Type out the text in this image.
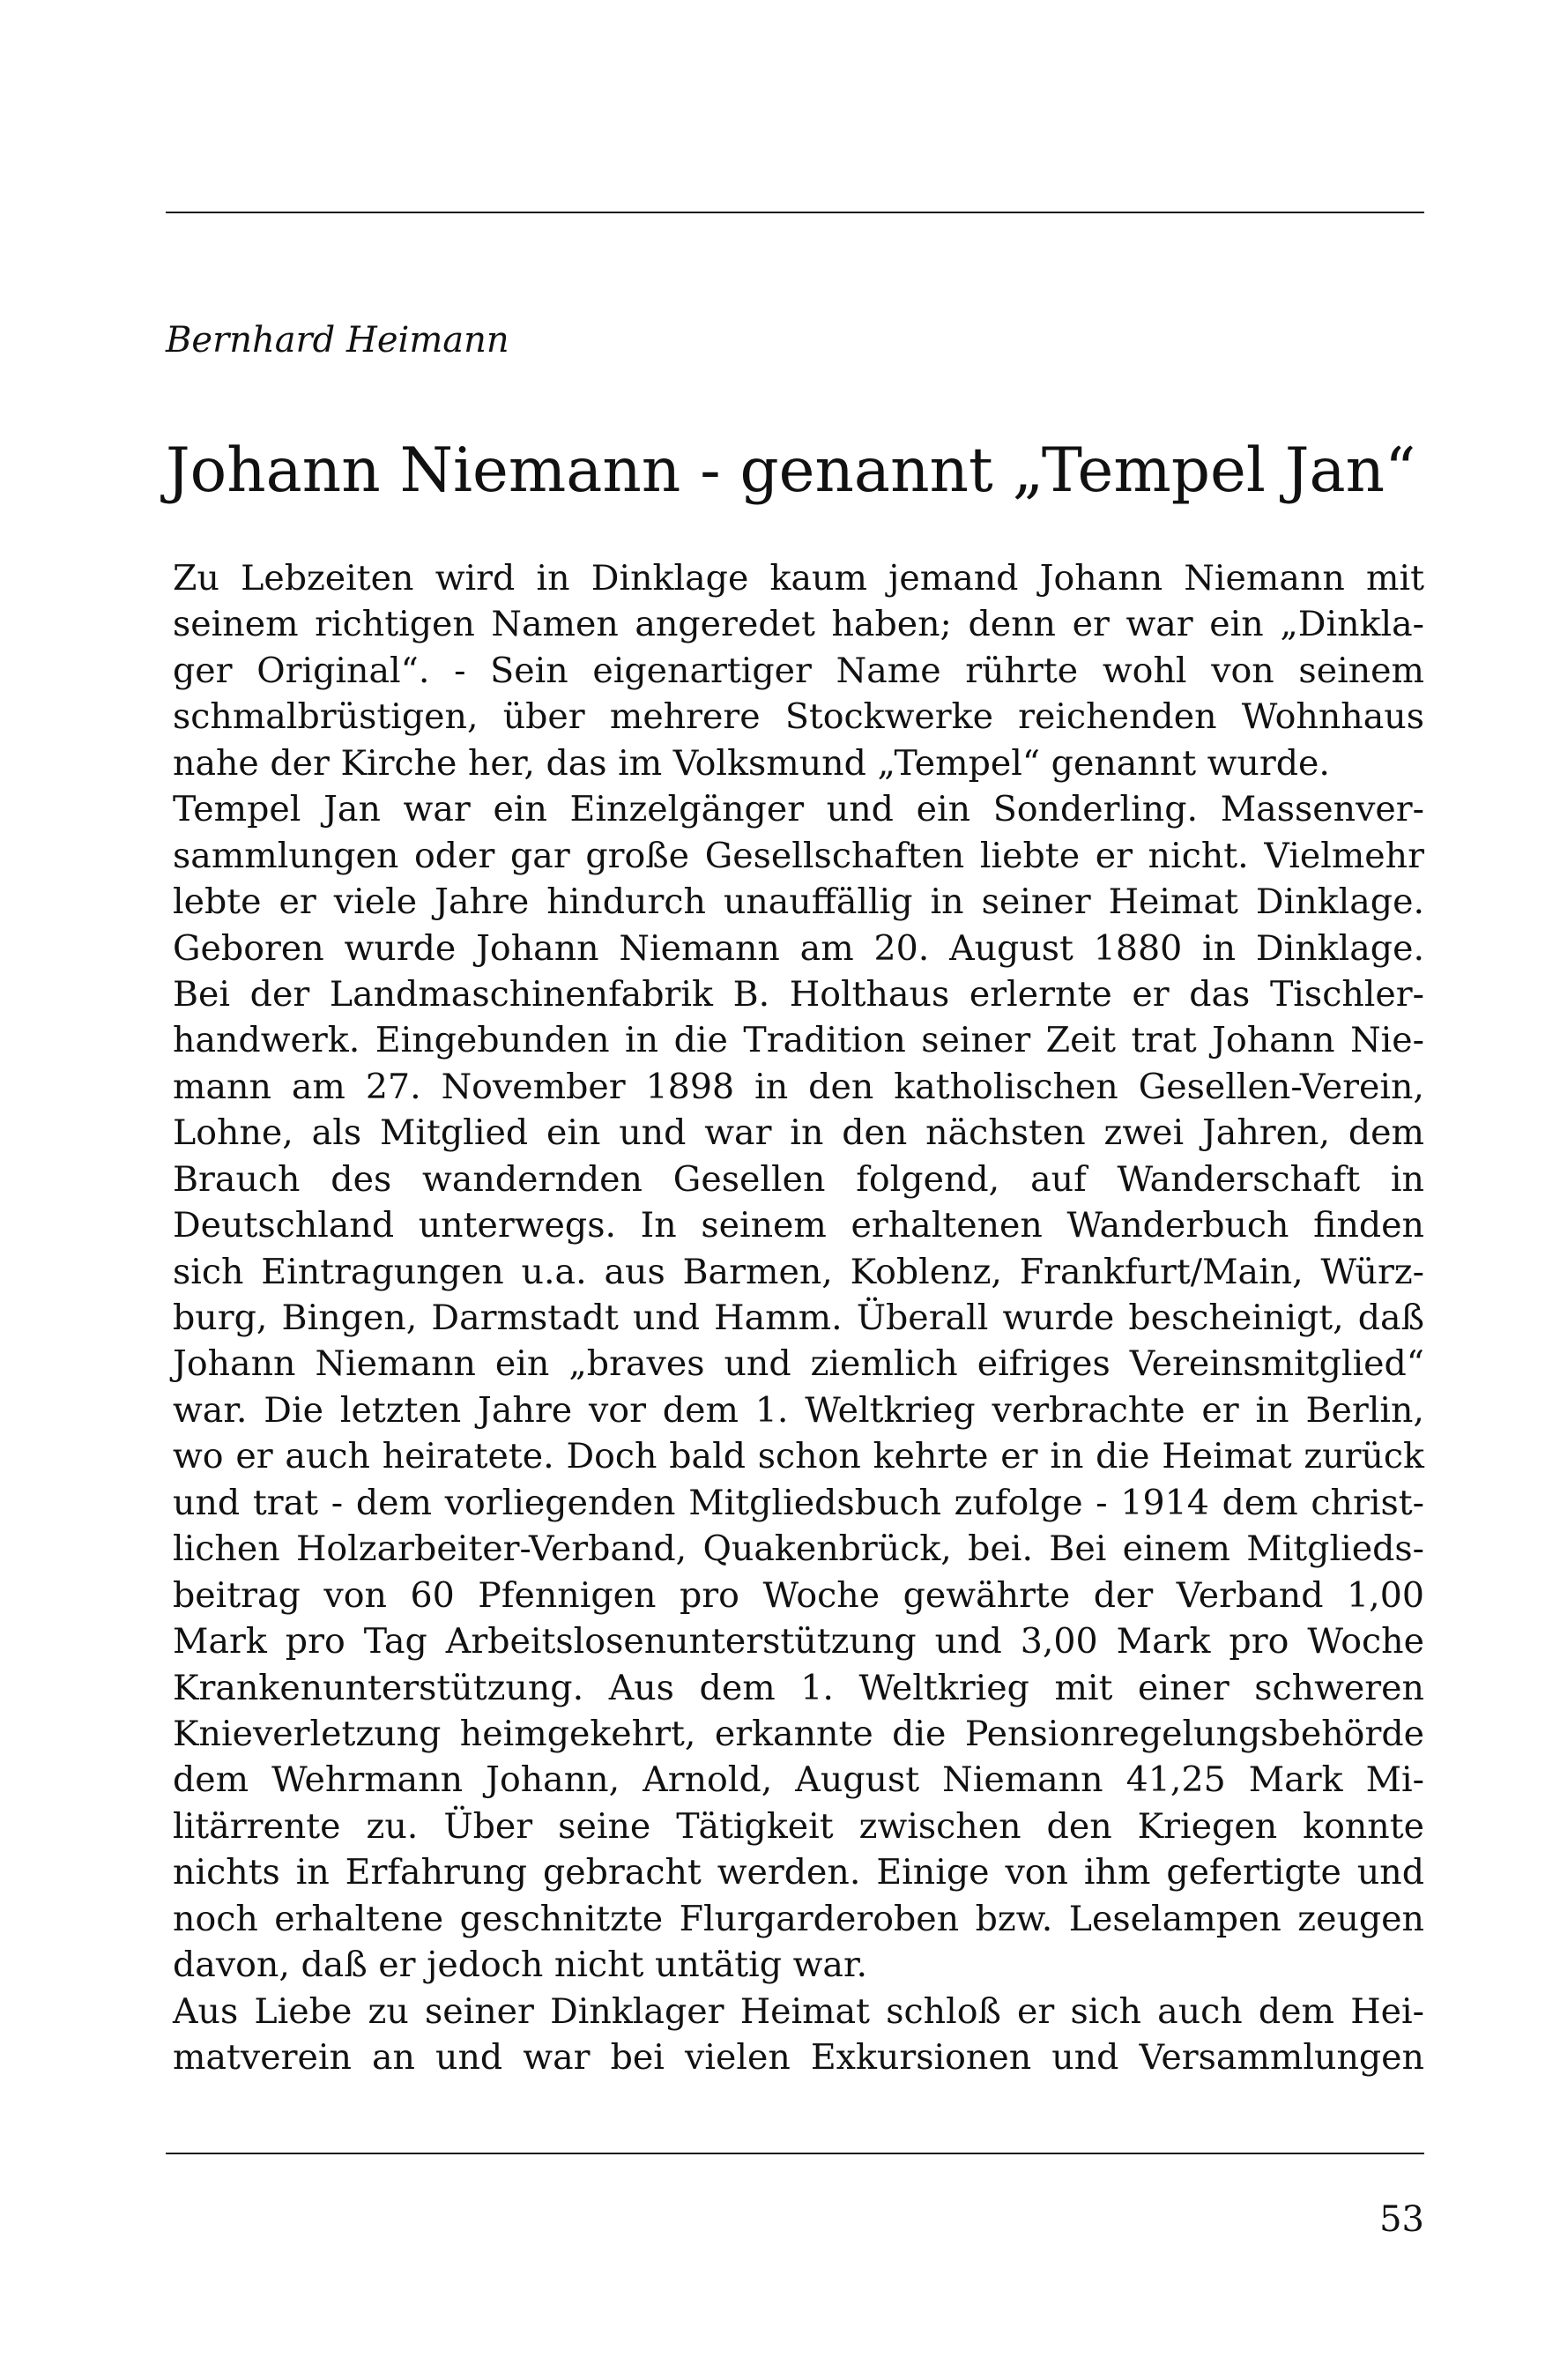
Bernhard Heimann
Johann Niemann - genannt „Tempel Jan“
Zu Lebzeiten wird in Dinklage kaum jemand Johann Niemann mit
seinem richtigen Namen angeredet haben; denn er war ein „Dinkla-
ger Original“. - Sein eigenartiger Name rührte wohl von seinem
schmalbrüstigen, über mehrere Stockwerke reichenden Wohnhaus
nahe der Kirche her, das im Volksmund „Tempel“ genannt wurde.
Tempel Jan war ein Einzelgänger und ein Sonderling. Massenver-
sammlungen oder gar große Gesellschaften liebte er nicht. Vielmehr
lebte er viele Jahre hindurch unauffällig in seiner Heimat Dinklage.
Geboren wurde Johann Niemann am 20. August 1880 in Dinklage.
Bei der Landmaschinenfabrik B. Holthaus erlernte er das Tischler-
handwerk. Eingebunden in die Tradition seiner Zeit trat Johann Nie-
mann am 27. November 1898 in den katholischen Gesellen-Verein,
Lohne, als Mitglied ein und war in den nächsten zwei Jahren, dem
Brauch des wandernden Gesellen folgend, auf Wanderschaft in
Deutschland unterwegs. In seinem erhaltenen Wanderbuch finden
sich Eintragungen u.a. aus Barmen, Koblenz, Frankfurt/Main, Würz-
burg, Bingen, Darmstadt und Hamm. Überall wurde bescheinigt, daß
Johann Niemann ein „braves und ziemlich eifriges Vereinsmitglied“
war. Die letzten Jahre vor dem 1. Weltkrieg verbrachte er in Berlin,
wo er auch heiratete. Doch bald schon kehrte er in die Heimat zurück
und trat - dem vorliegenden Mitgliedsbuch zufolge - 1914 dem christ-
lichen Holzarbeiter-Verband, Quakenbrück, bei. Bei einem Mitglieds-
beitrag von 60 Pfennigen pro Woche gewährte der Verband 1,00
Mark pro Tag Arbeitslosenunterstützung und 3,00 Mark pro Woche
Krankenunterstützung. Aus dem 1. Weltkrieg mit einer schweren
Knieverletzung heimgekehrt, erkannte die Pensionregelungsbehörde
dem Wehrmann Johann, Arnold, August Niemann 41,25 Mark Mi-
litärrente zu. Über seine Tätigkeit zwischen den Kriegen konnte
nichts in Erfahrung gebracht werden. Einige von ihm gefertigte und
noch erhaltene geschnitzte Flurgarderoben bzw. Leselampen zeugen
davon, daß er jedoch nicht untätig war.
Aus Liebe zu seiner Dinklager Heimat schloß er sich auch dem Hei-
matverein an und war bei vielen Exkursionen und Versammlungen
53
